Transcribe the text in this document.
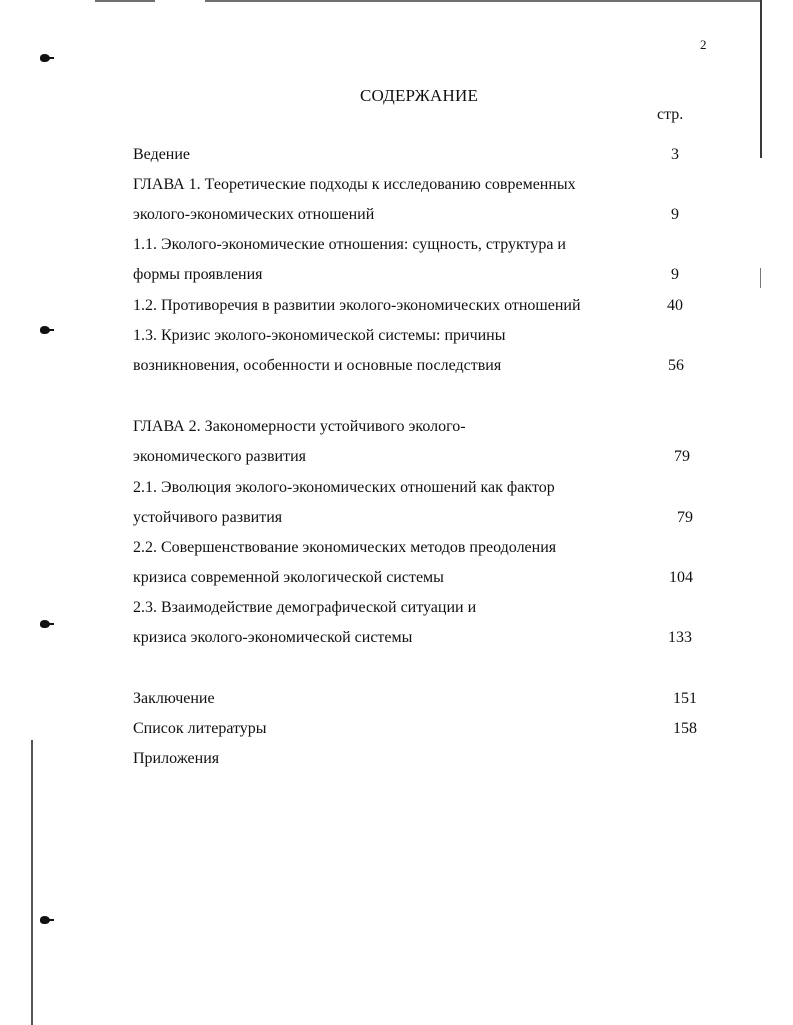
2
СОДЕРЖАНИЕ
стр.
Ведение	3
ГЛАВА 1. Теоретические подходы к исследованию современных
эколого-экономических отношений	9
1.1. Эколого-экономические отношения: сущность, структура и
формы проявления	9
1.2. Противоречия в развитии эколого-экономических отношений	40
1.3. Кризис эколого-экономической системы: причины
возникновения, особенности и основные последствия	56
ГЛАВА 2. Закономерности устойчивого эколого-
экономического развития	79
2.1. Эволюция эколого-экономических отношений как фактор
устойчивого развития	79
2.2. Совершенствование экономических методов преодоления
кризиса современной экологической системы	104
2.3. Взаимодействие демографической ситуации и
кризиса эколого-экономической системы	133
Заключение	151
Список литературы	158
Приложения
